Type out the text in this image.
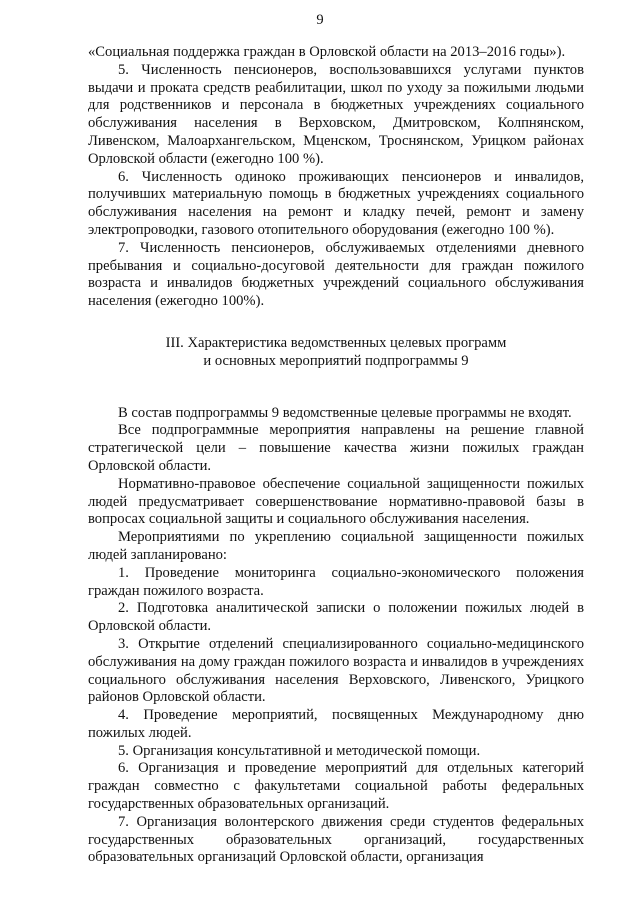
9

«Социальная поддержка граждан в Орловской области на 2013–2016 годы»).

5. Численность пенсионеров, воспользовавшихся услугами пунктов выдачи и проката средств реабилитации, школ по уходу за пожилыми людьми для родственников и персонала в бюджетных учреждениях социального обслуживания населения в Верховском, Дмитровском, Колпнянском, Ливенском, Малоархангельском, Мценском, Троснянском, Урицком районах Орловской области (ежегодно 100 %).

6. Численность одиноко проживающих пенсионеров и инвалидов, получивших материальную помощь в бюджетных учреждениях социального обслуживания населения на ремонт и кладку печей, ремонт и замену электропроводки, газового отопительного оборудования (ежегодно 100 %).

7. Численность пенсионеров, обслуживаемых отделениями дневного пребывания и социально-досуговой деятельности для граждан пожилого возраста и инвалидов бюджетных учреждений социального обслуживания населения (ежегодно 100%).

III. Характеристика ведомственных целевых программ
и основных мероприятий подпрограммы 9

В состав подпрограммы 9 ведомственные целевые программы не входят.

Все подпрограммные мероприятия направлены на решение главной стратегической цели – повышение качества жизни пожилых граждан Орловской области.

Нормативно-правовое обеспечение социальной защищенности пожилых людей предусматривает совершенствование нормативно-правовой базы в вопросах социальной защиты и социального обслуживания населения.

Мероприятиями по укреплению социальной защищенности пожилых людей запланировано:

1. Проведение мониторинга социально-экономического положения граждан пожилого возраста.

2. Подготовка аналитической записки о положении пожилых людей в Орловской области.

3. Открытие отделений специализированного социально-медицинского обслуживания на дому граждан пожилого возраста и инвалидов в учреждениях социального обслуживания населения Верховского, Ливенского, Урицкого районов Орловской области.

4. Проведение мероприятий, посвященных Международному дню пожилых людей.

5. Организация консультативной и методической помощи.

6. Организация и проведение мероприятий для отдельных категорий граждан совместно с факультетами социальной работы федеральных государственных образовательных организаций.

7. Организация волонтерского движения среди студентов федеральных государственных образовательных организаций, государственных образовательных организаций Орловской области, организация
